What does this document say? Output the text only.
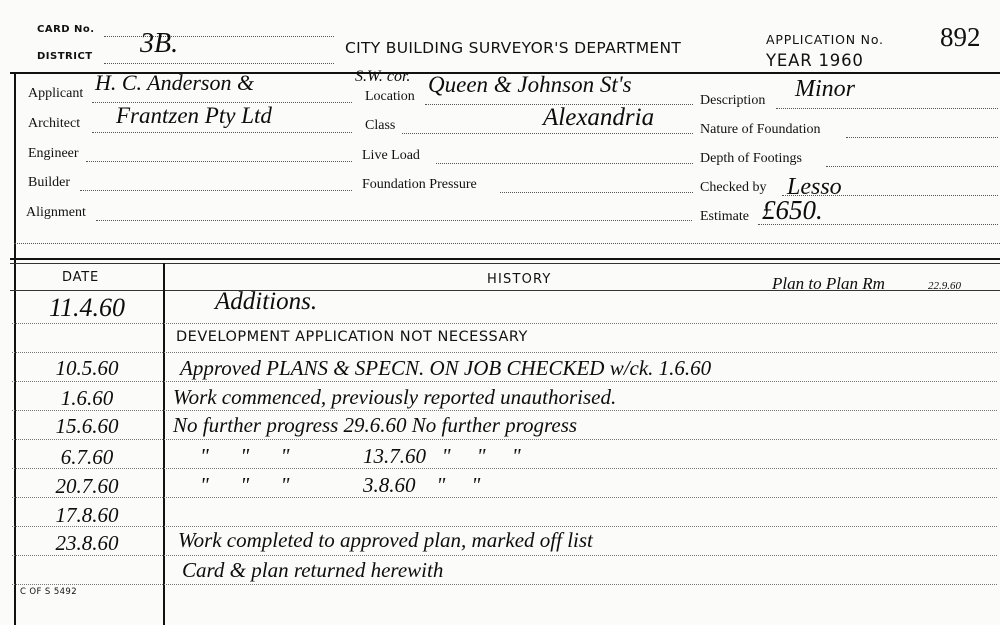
CARD No.
DISTRICT 3B.	CITY BUILDING SURVEYOR'S DEPARTMENT	APPLICATION No. 892
YEAR 1960
Applicant H. C. Anderson &
Architect Frantzen Pty Ltd
Engineer
Builder
Alignment
S.W. cor.
Location Queen & Johnson St's
Class	Alexandria
Live Load
Foundation Pressure
Description Minor
Nature of Foundation
Depth of Footings
Checked by Lesso
Estimate £650.
DATE	HISTORY	Plan to Plan Rm	22.9.60
11.4.60	Additions.
DEVELOPMENT APPLICATION NOT NECESSARY
10.5.60	Approved PLANS & SPECN. ON JOB CHECKED w/ck. 1.6.60
1.6.60	Work commenced, previously reported unauthorised.
15.6.60	No further progress 29.6.60 No further progress
6.7.60	"      "      "              13.7.60   "     "     "
20.7.60	"      "      "              3.8.60    "     "
17.8.60
23.8.60	Work completed to approved plan, marked off list
Card & plan returned herewith
C OF S 5492
